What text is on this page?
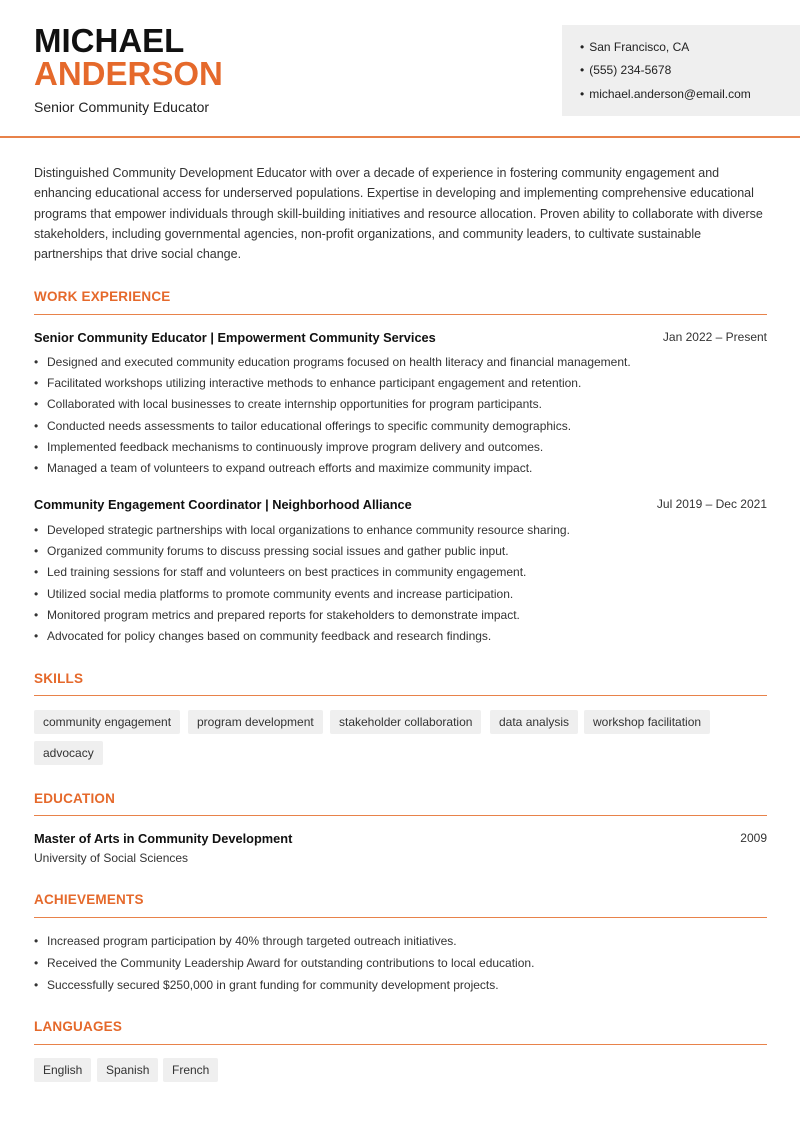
MICHAEL
ANDERSON
Senior Community Educator
• San Francisco, CA
• (555) 234-5678
• michael.anderson@email.com
Distinguished Community Development Educator with over a decade of experience in fostering community engagement and enhancing educational access for underserved populations. Expertise in developing and implementing comprehensive educational programs that empower individuals through skill-building initiatives and resource allocation. Proven ability to collaborate with diverse stakeholders, including governmental agencies, non-profit organizations, and community leaders, to cultivate sustainable partnerships that drive social change.
WORK EXPERIENCE
Senior Community Educator | Empowerment Community Services	Jan 2022 – Present
• Designed and executed community education programs focused on health literacy and financial management.
• Facilitated workshops utilizing interactive methods to enhance participant engagement and retention.
• Collaborated with local businesses to create internship opportunities for program participants.
• Conducted needs assessments to tailor educational offerings to specific community demographics.
• Implemented feedback mechanisms to continuously improve program delivery and outcomes.
• Managed a team of volunteers to expand outreach efforts and maximize community impact.
Community Engagement Coordinator | Neighborhood Alliance	Jul 2019 – Dec 2021
• Developed strategic partnerships with local organizations to enhance community resource sharing.
• Organized community forums to discuss pressing social issues and gather public input.
• Led training sessions for staff and volunteers on best practices in community engagement.
• Utilized social media platforms to promote community events and increase participation.
• Monitored program metrics and prepared reports for stakeholders to demonstrate impact.
• Advocated for policy changes based on community feedback and research findings.
SKILLS
community engagement	program development	stakeholder collaboration	data analysis	workshop facilitation
advocacy
EDUCATION
Master of Arts in Community Development	2009
University of Social Sciences
ACHIEVEMENTS
• Increased program participation by 40% through targeted outreach initiatives.
• Received the Community Leadership Award for outstanding contributions to local education.
• Successfully secured $250,000 in grant funding for community development projects.
LANGUAGES
English	Spanish	French
